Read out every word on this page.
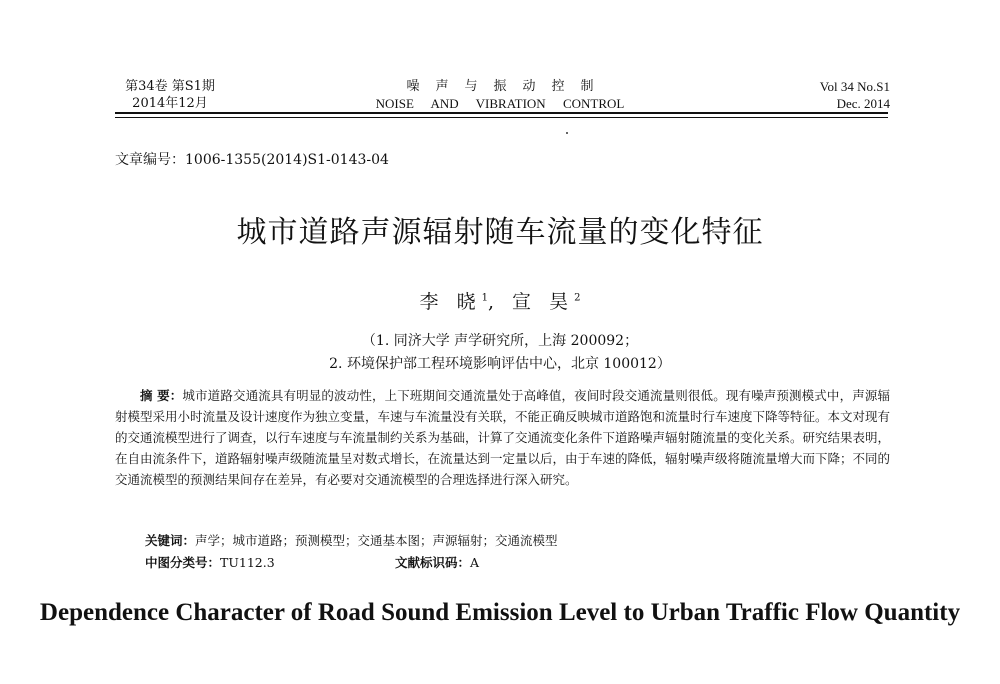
第34卷 第S1期
2014年12月
噪声与振动控制
NOISE AND VIBRATION CONTROL
Vol 34 No.S1
Dec. 2014
文章编号：1006-1355(2014)S1-0143-04
城市道路声源辐射随车流量的变化特征
李 晓$^1$, 宣 昊$^2$
（1. 同济大学 声学研究所，上海 200092；
2. 环境保护部工程环境影响评估中心，北京 100012）
摘 要：城市道路交通流具有明显的波动性，上下班期间交通流量处于高峰值，夜间时段交通流量则很低。现有噪声预测模式中，声源辐射模型采用小时流量及设计速度作为独立变量，车速与车流量没有关联，不能正确反映城市道路饱和流量时行车速度下降等特征。本文对现有的交通流模型进行了调查，以行车速度与车流量制约关系为基础，计算了交通流变化条件下道路噪声辐射随流量的变化关系。研究结果表明，在自由流条件下，道路辐射噪声级随流量呈对数式增长，在流量达到一定量以后，由于车速的降低，辐射噪声级将随流量增大而下降；不同的交通流模型的预测结果间存在差异，有必要对交通流模型的合理选择进行深入研究。
关键词：声学；城市道路；预测模型；交通基本图；声源辐射；交通流模型
中图分类号：TU112.3	文献标识码：A
Dependence Character of Road Sound Emission Level to Urban Traffic Flow Quantity
